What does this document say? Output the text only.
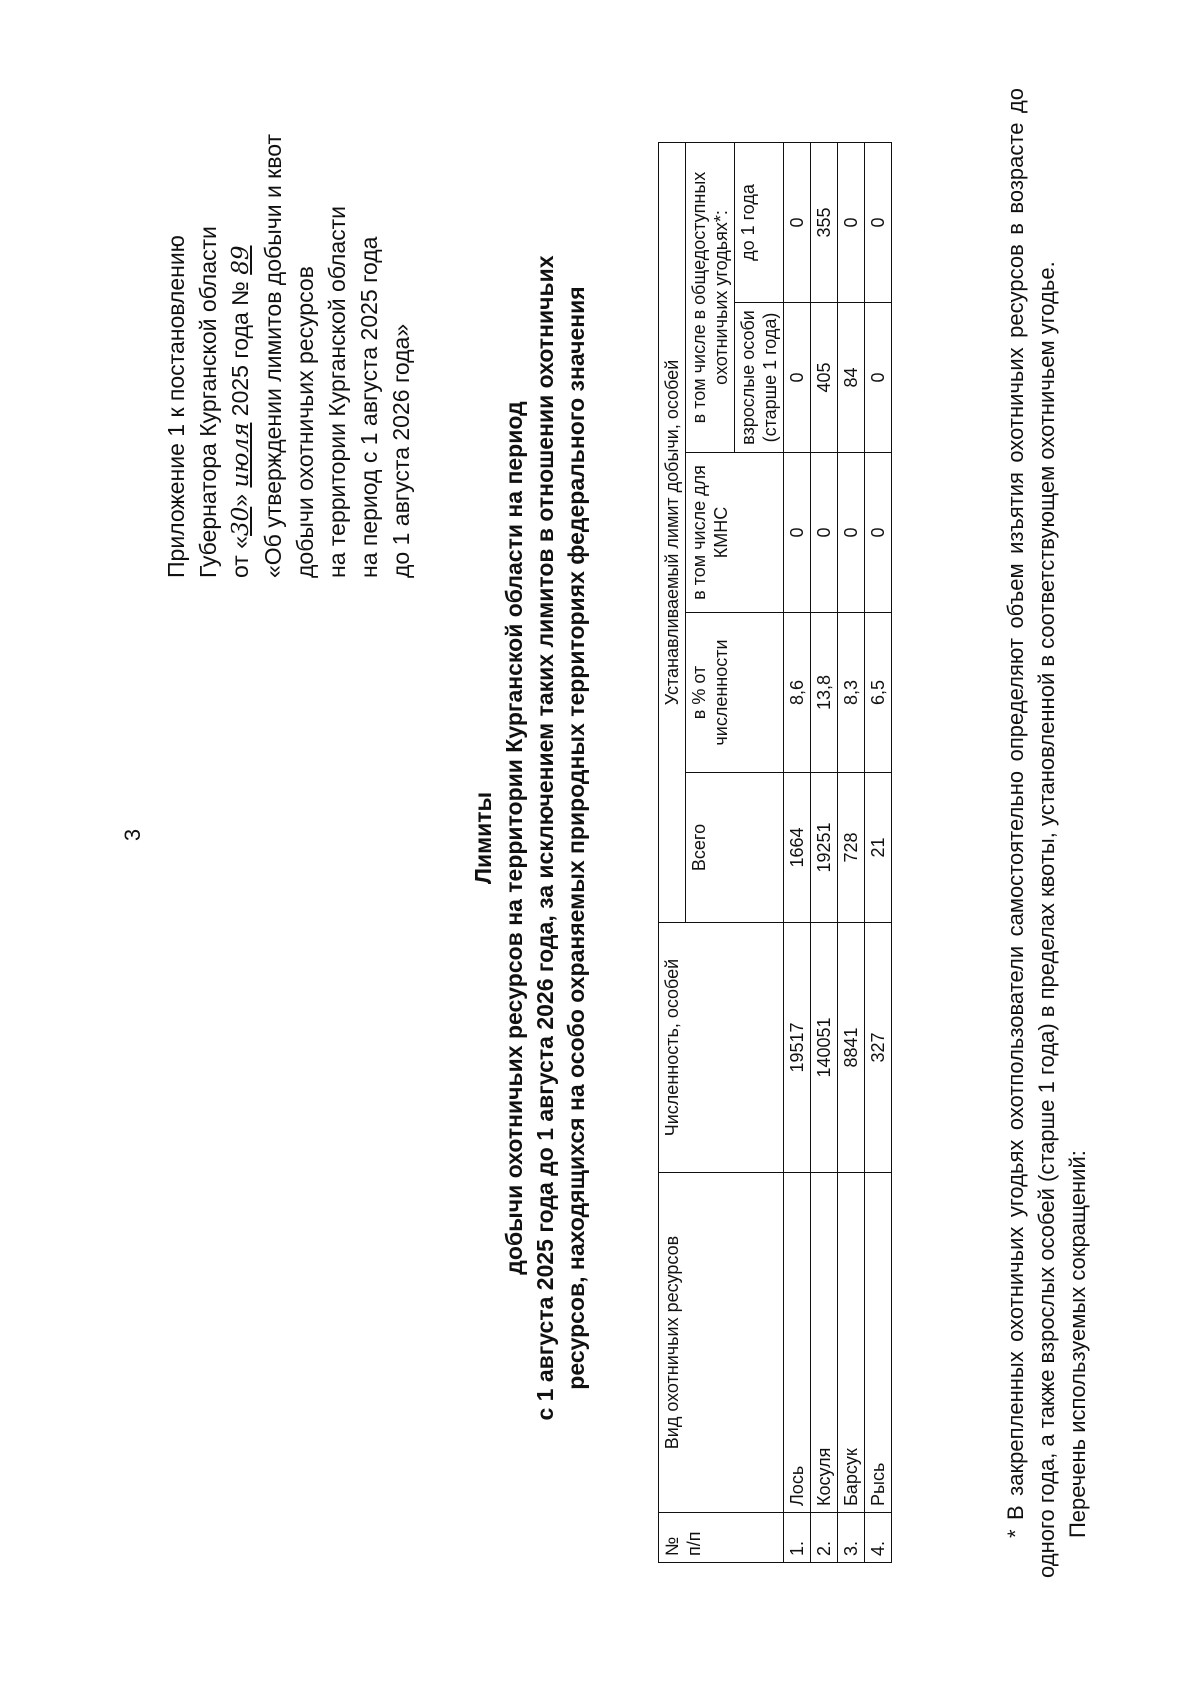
3
Приложение 1 к постановлению Губернатора Курганской области от «30» июля 2025 года № 89 «Об утверждении лимитов добычи и квот добычи охотничьих ресурсов на территории Курганской области на период с 1 августа 2025 года до 1 августа 2026 года»
Лимиты добычи охотничьих ресурсов на территории Курганской области на период с 1 августа 2025 года до 1 августа 2026 года, за исключением таких лимитов в отношении охотничьих ресурсов, находящихся на особо охраняемых природных территориях федерального значения
№ п/п	Вид охотничьих ресурсов	Численность, особей	Устанавливаемый лимит добычи, особей				
			Всего	в % от численности	в том числе для КМНС	в том числе в общедоступных охотничьих угодьях*:	
						взрослые особи (старше 1 года)	до 1 года
1.	Лось	19517	1664	8,6	0	0	0
2.	Косуля	140051	19251	13,8	0	405	355
3.	Барсук	8841	728	8,3	0	84	0
4.	Рысь	327	21	6,5	0	0	0	* В закрепленных охотничьих угодьях охотпользователи самостоятельно определяют объем изъятия охотничьих ресурсов в возрасте до одного года, а также взрослых особей (старше 1 года) в пределах квоты, установленной в соответствующем охотничьем угодье. Перечень используемых сокращений:
